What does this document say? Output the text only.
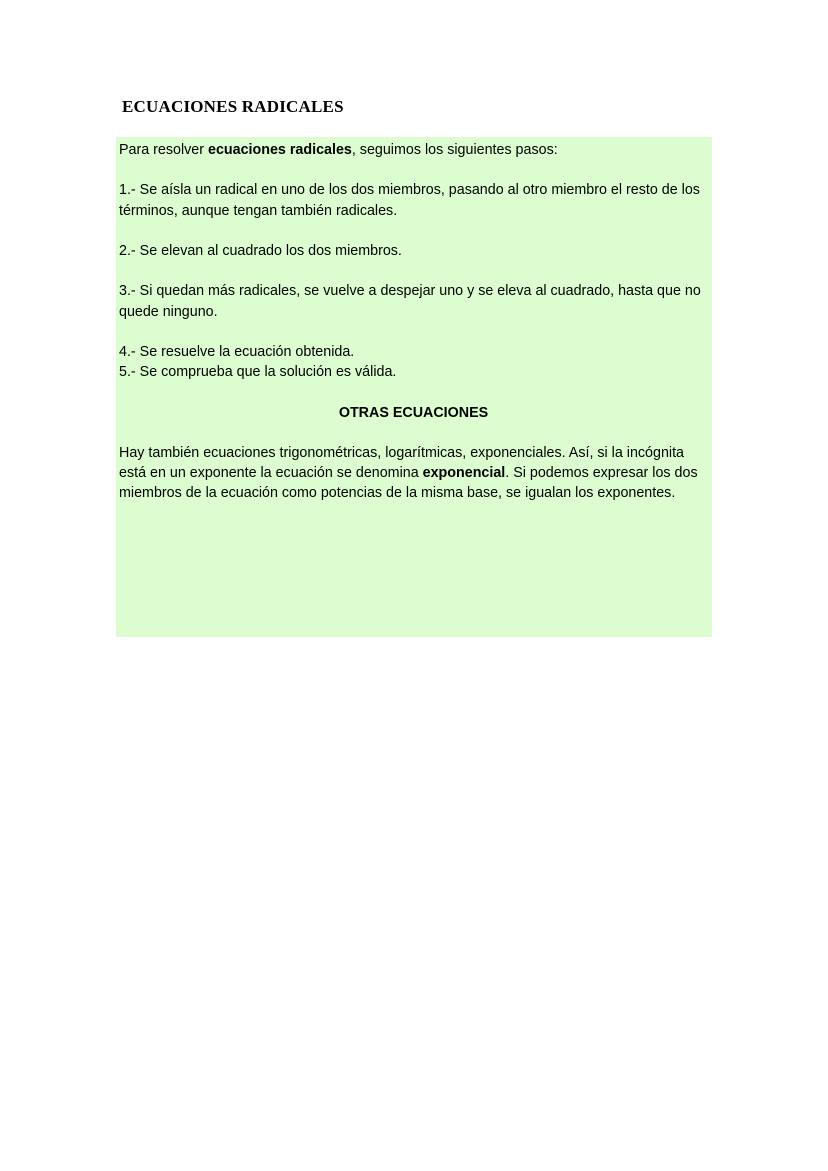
ECUACIONES RADICALES

Para resolver ecuaciones radicales, seguimos los siguientes pasos:

1.- Se aísla un radical en uno de los dos miembros, pasando al otro miembro el resto de los términos, aunque tengan también radicales.

2.- Se elevan al cuadrado los dos miembros.

3.- Si quedan más radicales, se vuelve a despejar uno y se eleva al cuadrado, hasta que no quede ninguno.

4.- Se resuelve la ecuación obtenida.

5.- Se comprueba que la solución es válida.

OTRAS ECUACIONES

Hay también ecuaciones trigonométricas, logarítmicas, exponenciales. Así, si la incógnita está en un exponente la ecuación se denomina exponencial. Si podemos expresar los dos miembros de la ecuación como potencias de la misma base, se igualan los exponentes.
